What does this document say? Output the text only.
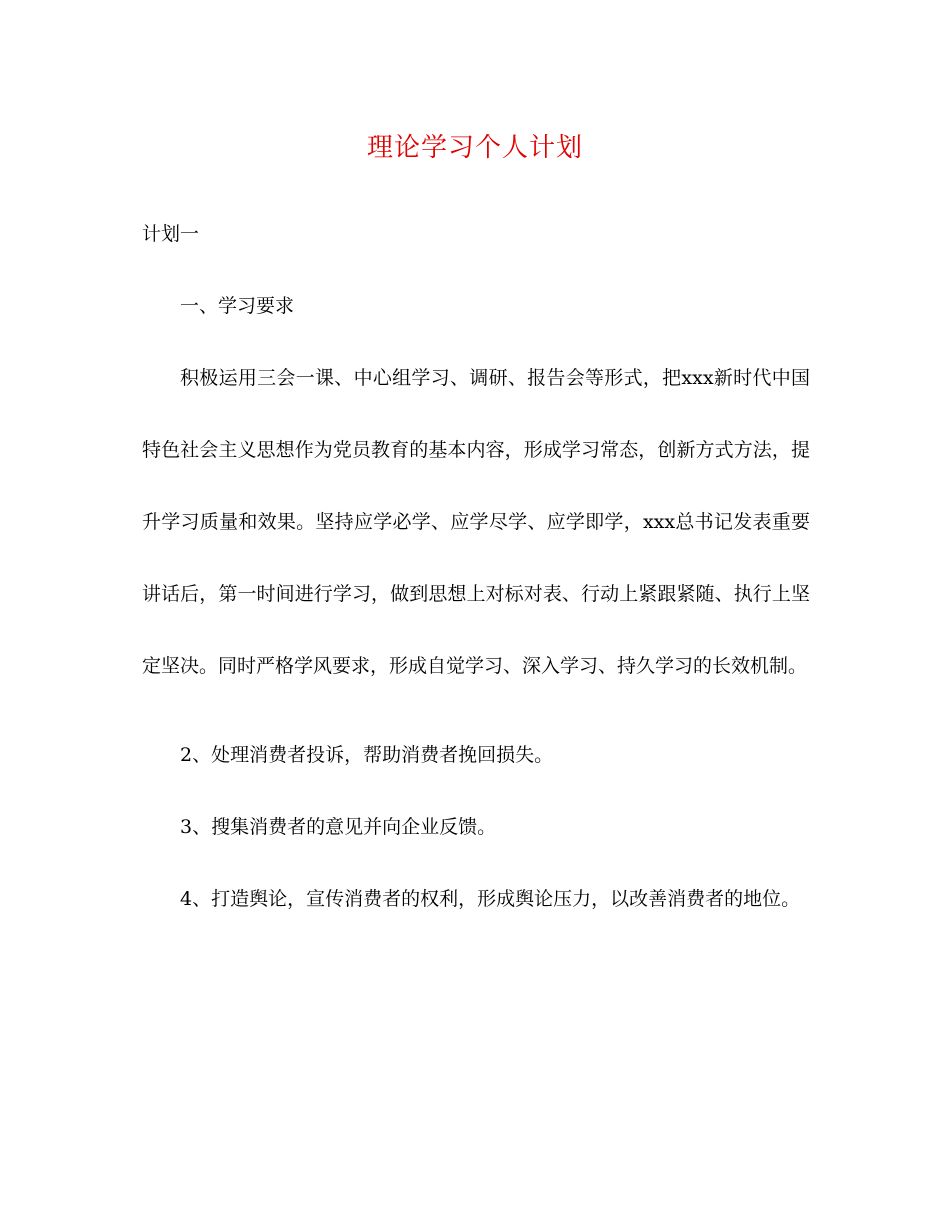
理论学习个人计划

计划一

一、学习要求

积极运用三会一课、中心组学习、调研、报告会等形式，把xxx新时代中国特色社会主义思想作为党员教育的基本内容，形成学习常态，创新方式方法，提升学习质量和效果。坚持应学必学、应学尽学、应学即学，xxx总书记发表重要讲话后，第一时间进行学习，做到思想上对标对表、行动上紧跟紧随、执行上坚定坚决。同时严格学风要求，形成自觉学习、深入学习、持久学习的长效机制。

2、处理消费者投诉，帮助消费者挽回损失。

3、搜集消费者的意见并向企业反馈。

4、打造舆论，宣传消费者的权利，形成舆论压力，以改善消费者的地位。
